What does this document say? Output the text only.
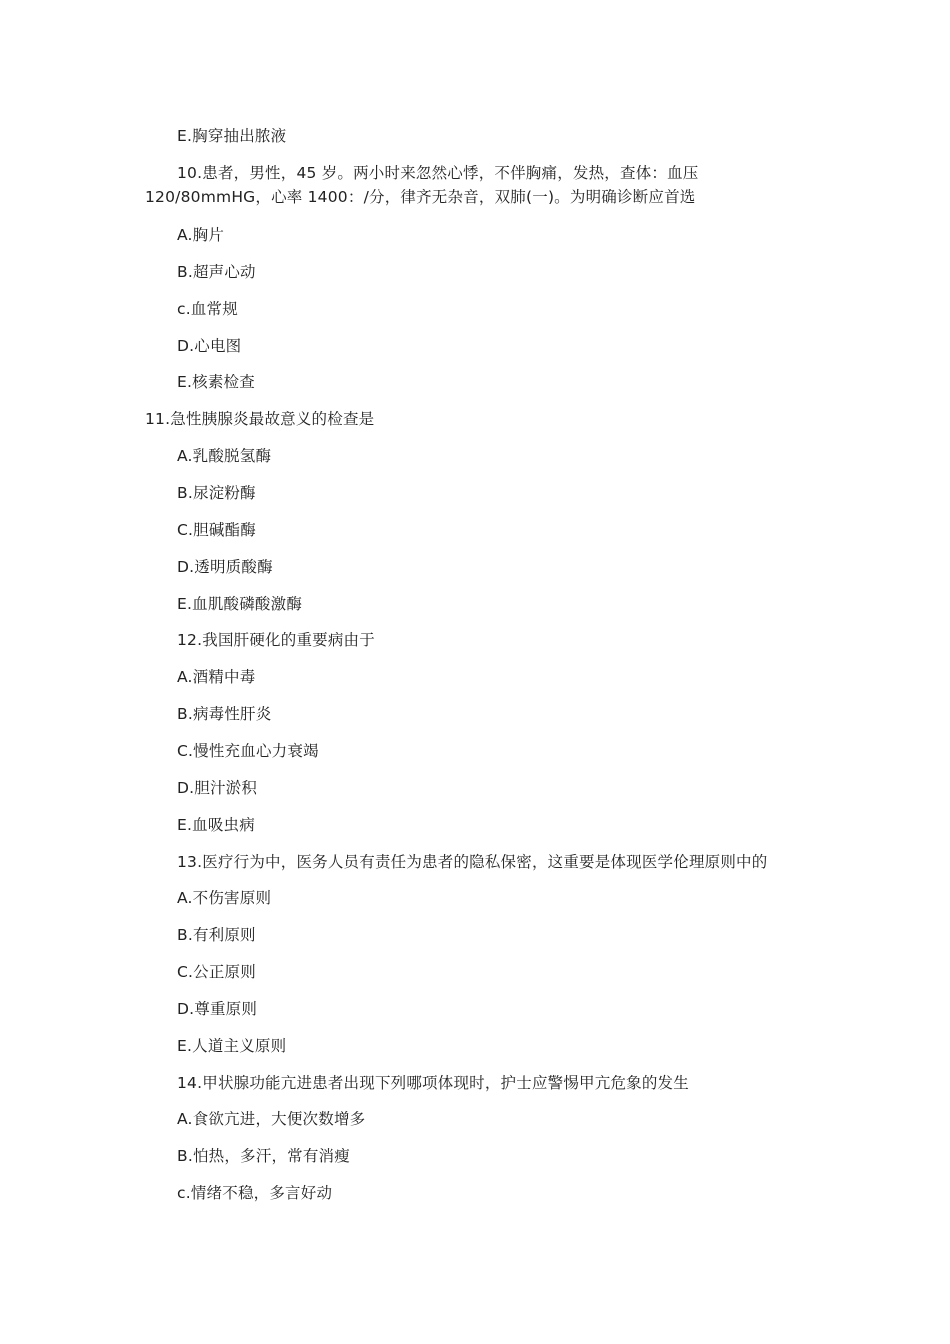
E.胸穿抽出脓液
10.患者，男性，45 岁。两小时来忽然心悸，不伴胸痛，发热，查体：血压
120/80mmHG，心率 1400：/分，律齐无杂音，双肺(一)。为明确诊断应首选
A.胸片
B.超声心动
c.血常规
D.心电图
E.核素检查
11.急性胰腺炎最故意义的检查是
A.乳酸脱氢酶
B.尿淀粉酶
C.胆碱酯酶
D.透明质酸酶
E.血肌酸磷酸激酶
12.我国肝硬化的重要病由于
A.酒精中毒
B.病毒性肝炎
C.慢性充血心力衰竭
D.胆汁淤积
E.血吸虫病
13.医疗行为中，医务人员有责任为患者的隐私保密，这重要是体现医学伦理原则中的
A.不伤害原则
B.有利原则
C.公正原则
D.尊重原则
E.人道主义原则
14.甲状腺功能亢进患者出现下列哪项体现时，护士应警惕甲亢危象的发生
A.食欲亢进，大便次数增多
B.怕热，多汗，常有消瘦
c.情绪不稳，多言好动
